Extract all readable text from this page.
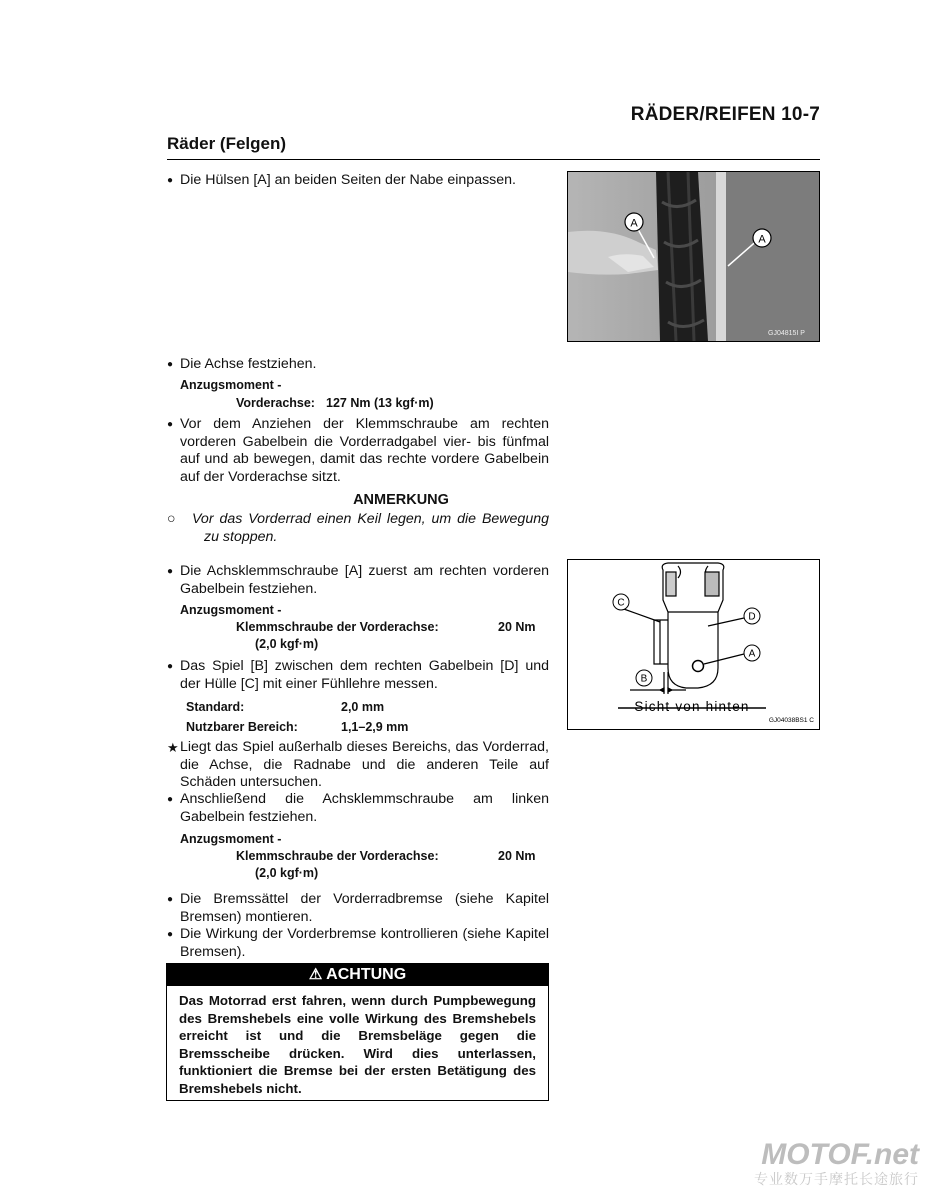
RÄDER/REIFEN 10-7
Räder (Felgen)
● Die Hülsen [A] an beiden Seiten der Nabe einpassen.
A
A
GJ04815I P
● Die Achse festziehen.
Anzugsmoment -
Vorderachse: 127 Nm (13 kgf·m)
● Vor dem Anziehen der Klemmschraube am rechten vorderen Gabelbein die Vorderradgabel vier- bis fünfmal auf und ab bewegen, damit das rechte vordere Gabelbein auf der Vorderachse sitzt.
ANMERKUNG
○	Vor das Vorderrad einen Keil legen, um die Bewegung zu stoppen.
● Die Achsklemmschraube [A] zuerst am rechten vorderen Gabelbein festziehen.
Anzugsmoment -
Klemmschraube der Vorderachse:	20 Nm
(2,0 kgf·m)
● Das Spiel [B] zwischen dem rechten Gabelbein [D] und der Hülle [C] mit einer Fühllehre messen.
Standard:	2,0 mm
Nutzbarer Bereich:	1,1–2,9 mm
★ Liegt das Spiel außerhalb dieses Bereichs, das Vorderrad, die Achse, die Radnabe und die anderen Teile auf Schäden untersuchen.
● Anschließend die Achsklemmschraube am linken Gabelbein festziehen.
Anzugsmoment -
Klemmschraube der Vorderachse:	20 Nm
(2,0 kgf·m)
● Die Bremssättel der Vorderradbremse (siehe Kapitel Bremsen) montieren.
● Die Wirkung der Vorderbremse kontrollieren (siehe Kapitel Bremsen).
⚠ ACHTUNG
Das Motorrad erst fahren, wenn durch Pumpbewegung des Bremshebels eine volle Wirkung des Bremshebels erreicht ist und die Bremsbeläge gegen die Bremsscheibe drücken. Wird dies unterlassen, funktioniert die Bremse bei der ersten Betätigung des Bremshebels nicht.
C
D
A
B
Sicht von hinten
GJ04038BS1 C
MOTOF.net
专业数万手摩托长途旅行
